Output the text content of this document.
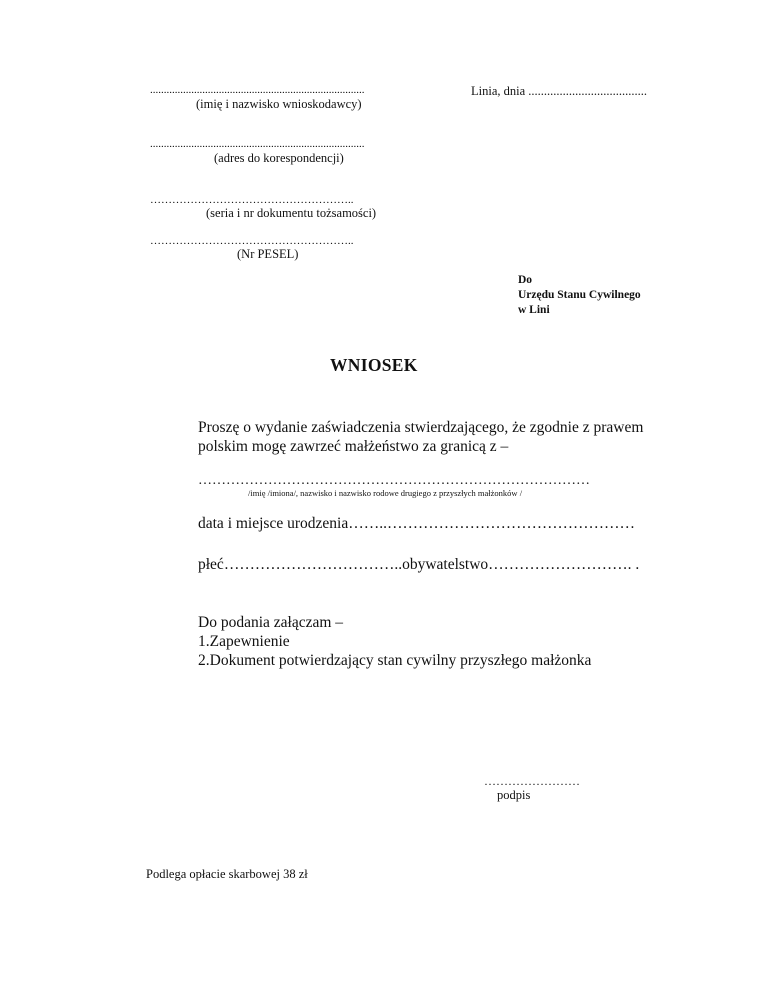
..............................................................................
(imię i nazwisko wnioskodawcy)
..............................................................................
(adres do korespondencji)
………………………………………………..
(seria i nr dokumentu tożsamości)
………………………………………………..
(Nr PESEL)
Linia, dnia ......................................
Do
Urzędu Stanu Cywilnego
w Lini
WNIOSEK
Proszę o wydanie zaświadczenia stwierdzającego, że zgodnie z prawem
polskim mogę zawrzeć małżeństwo za granicą z –
…………………………………………………………………………
/imię /imiona/, nazwisko i nazwisko rodowe drugiego z przyszłych małżonków /
data i miejsce urodzenia……..…………………………………………
płeć……………………………..obywatelstwo………………………. .
Do podania załączam –
1.Zapewnienie
2.Dokument potwierdzający stan cywilny przyszłego małżonka
……………………
podpis
Podlega opłacie skarbowej 38 zł
